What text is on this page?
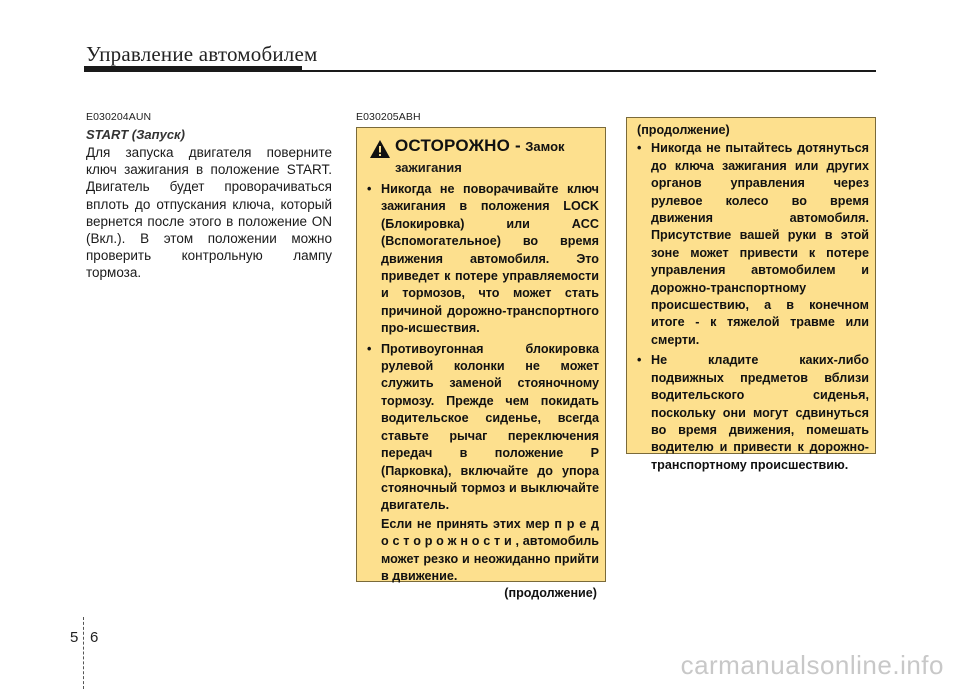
Управление автомобилем
E030204AUN
START (Запуск)
Для запуска двигателя поверните ключ зажигания в положение START. Двигатель будет проворачиваться вплоть до отпускания ключа, который вернется после этого в положение ON (Вкл.). В этом положении можно проверить контрольную лампу тормоза.
E030205ABH
ОСТОРОЖНО - Замок
зажигания
• Никогда не поворачивайте ключ зажигания в положения LOCK (Блокировка) или ACC (Вспомогательное) во время движения автомобиля. Это приведет к потере управляемости и тормозов, что может стать причиной дорожно-транспортного про-исшествия.
• Противоугонная блокировка рулевой колонки не может служить заменой стояночному тормозу. Прежде чем покидать водительское сиденье, всегда ставьте рычаг переключения передач в положение P (Парковка), включайте до упора стояночный тормоз и выключайте двигатель.
Если не принять этих мер п р е д о с т о р о ж н о с т и , автомобиль может резко и неожиданно прийти в движение.
(продолжение)
(продолжение)
• Никогда не пытайтесь дотянуться до ключа зажигания или других органов управления через рулевое колесо во время движения автомобиля. Присутствие вашей руки в этой зоне может привести к потере управления автомобилем и дорожно-транспортному происшествию, а в конечном итоге - к тяжелой травме или смерти.
• Не кладите каких-либо подвижных предметов вблизи водительского сиденья, поскольку они могут сдвинуться во время движения, помешать водителю и привести к дорожно-транспортному происшествию.
5 6
carmanualsonline.info
